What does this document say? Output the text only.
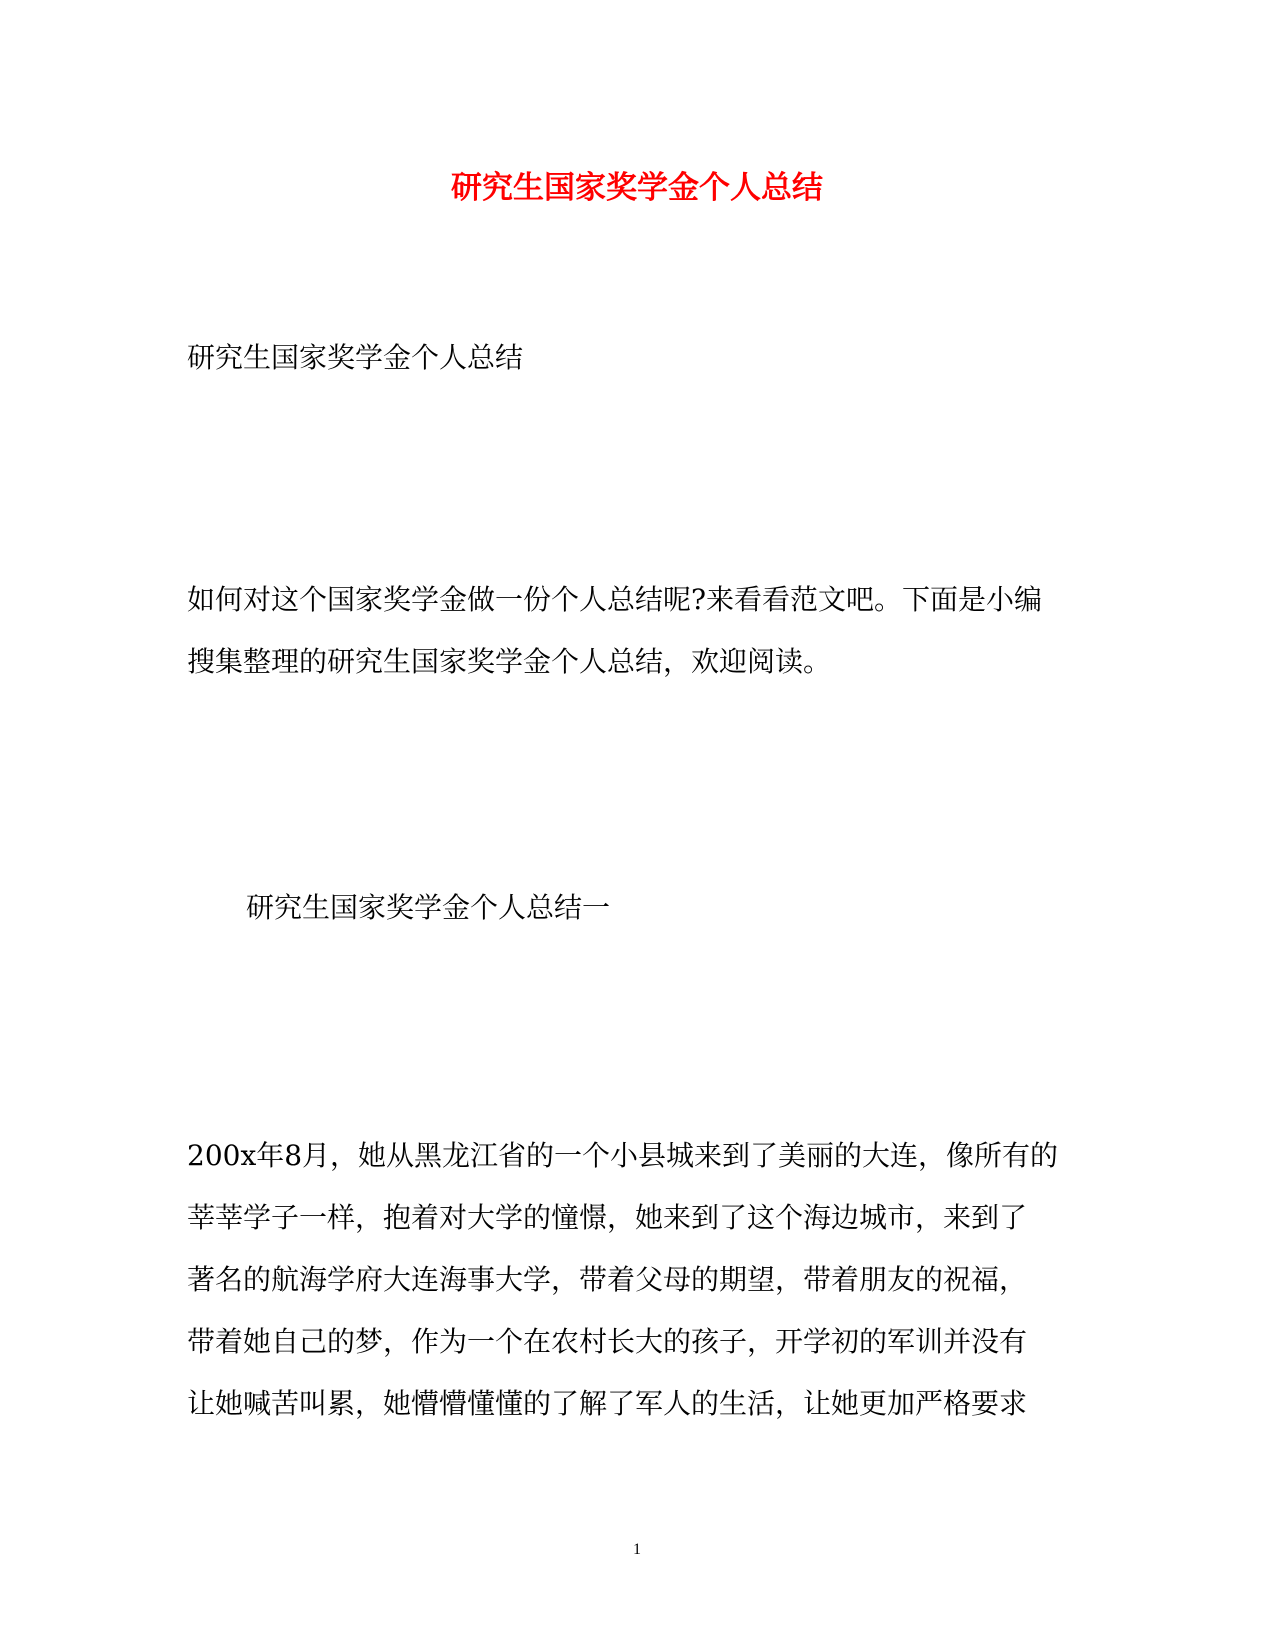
研究生国家奖学金个人总结
研究生国家奖学金个人总结
如何对这个国家奖学金做一份个人总结呢?来看看范文吧。下面是小编
搜集整理的研究生国家奖学金个人总结，欢迎阅读。
研究生国家奖学金个人总结一
200x年8月，她从黑龙江省的一个小县城来到了美丽的大连，像所有的
莘莘学子一样，抱着对大学的憧憬，她来到了这个海边城市，来到了
著名的航海学府大连海事大学，带着父母的期望，带着朋友的祝福，
带着她自己的梦，作为一个在农村长大的孩子，开学初的军训并没有
让她喊苦叫累，她懵懵懂懂的了解了军人的生活，让她更加严格要求
1
